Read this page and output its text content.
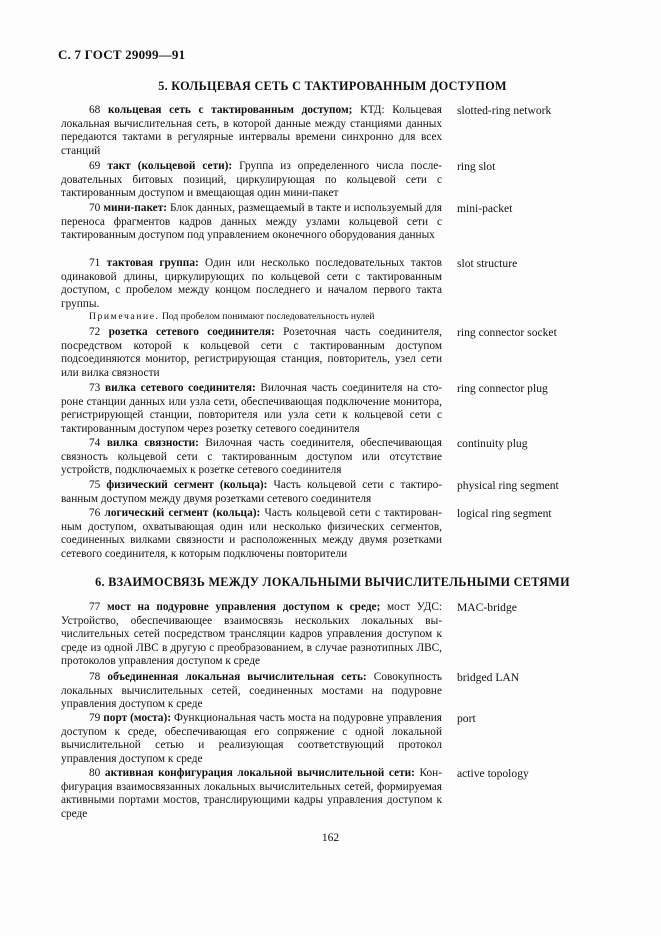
С. 7 ГОСТ 29099—91
5. КОЛЬЦЕВАЯ СЕТЬ С ТАКТИРОВАННЫМ ДОСТУПОМ

68 кольцевая сеть с тактированным доступом; КТД: Кольцевая локальная вычислительная сеть, в которой данные между станциями данных передаются тактами в регулярные интервалы времени синхронно для всех станций

slotted-ring network

69 такт (кольцевой сети): Группа из определенного числа последовательных битовых позиций, циркулирующая по кольцевой сети с тактированным доступом и вмещающая один мини-пакет

ring slot

70 мини-пакет: Блок данных, размещаемый в такте и используемый для переноса фрагментов кадров данных между узлами кольцевой сети с тактированным доступом под управлением оконечного оборудования данных

mini-packet

71 тактовая группа: Один или несколько последовательных тактов одинаковой длины, циркулирующих по кольцевой сети с тактированным доступом, с пробелом между концом последнего и началом первого такта группы.

slot structure
Примечание. Под пробелом понимают последовательность нулей

72 розетка сетевого соединителя: Розеточная часть соединителя, посредством которой к кольцевой сети с тактированным доступом подсоединяются монитор, регистрирующая станция, повторитель, узел сети или вилка связности

ring connector socket

73 вилка сетевого соединителя: Вилочная часть соединителя на стороне станции данных или узла сети, обеспечивающая подключение монитора, регистрирующей станции, повторителя или узла сети к кольцевой сети с тактированным доступом через розетку сетевого соединителя

ring connector plug

74 вилка связности: Вилочная часть соединителя, обеспечивающая связность кольцевой сети с тактированным доступом или отсутствие устройств, подключаемых к розетке сетевого соединителя

continuity plug

75 физический сегмент (кольца): Часть кольцевой сети с тактированным доступом между двумя розетками сетевого соединителя

physical ring segment

76 логический сегмент (кольца): Часть кольцевой сети с тактированным доступом, охватывающая один или несколько физических сегментов, соединенных вилками связности и расположенных между двумя розетками сетевого соединителя, к которым подключены повторители

logical ring segment
6. ВЗАИМОСВЯЗЬ МЕЖДУ ЛОКАЛЬНЫМИ ВЫЧИСЛИТЕЛЬНЫМИ СЕТЯМИ

77 мост на подуровне управления доступом к среде; мост УДС: Устройство, обеспечивающее взаимосвязь нескольких локальных вычислительных сетей посредством трансляции кадров управления доступом к среде из одной ЛВС в другую с преобразованием, в случае разнотипных ЛВС, протоколов управления доступом к среде

MAC-bridge

78 объединенная локальная вычислительная сеть: Совокупность локальных вычислительных сетей, соединенных мостами на подуровне управления доступом к среде

bridged LAN

79 порт (моста): Функциональная часть моста на подуровне управления доступом к среде, обеспечивающая его сопряжение с одной локальной вычислительной сетью и реализующая соответствующий протокол управления доступом к среде

port

80 активная конфигурация локальной вычислительной сети: Конфигурация взаимосвязанных локальных вычислительных сетей, формируемая активными портами мостов, транслирующими кадры управления доступом к среде

active topology
162
